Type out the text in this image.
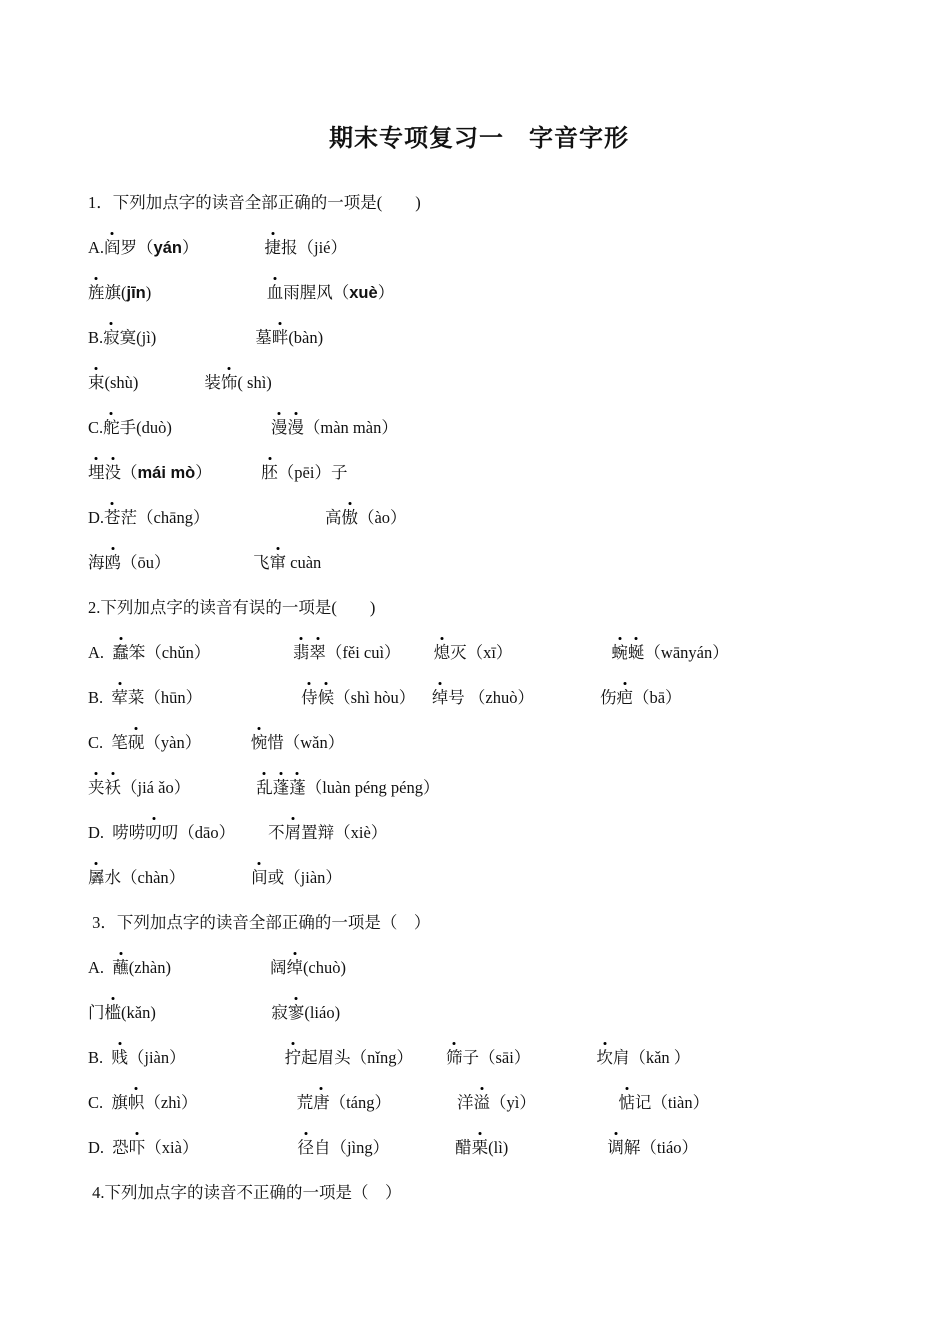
期末专项复习一　字音字形

1．下列加点字的读音全部正确的一项是(　　)

A.阎罗（yán）	捷报（jié）

旌旗(jīn)	血雨腥风（xuè）

B.寂寞(jì)	墓畔(bàn)

束(shù)	装饰( shì)

C.舵手(duò)	漫漫（màn màn）

埋没（mái mò）	胚（pēi）子

D.苍茫（chāng）	高傲（ào）

海鸥（ōu）	飞窜 cuàn

2.下列加点字的读音有误的一项是(　　)

A.  蠢笨（chǔn）	翡翠（fěi cuì） 熄灭（xī）	蜿蜒（wānyán）

B.  荤菜（hūn）	侍候（shì hòu） 绰号 （zhuò）	伤疤（bā）

C.  笔砚（yàn）	惋惜（wǎn）

夹袄（jiá ǎo）	乱蓬蓬（luàn péng péng）

D.  唠唠叨叨（dāo） 不屑置辩（xiè）

羼水（chàn）	间或（jiàn）

3．下列加点字的读音全部正确的一项是（　）

A.  蘸(zhàn)	阔绰(chuò)

门槛(kǎn)	寂寥(liáo)

B.  贱（jiàn）	拧起眉头（nǐng） 筛子（sāi）	坎肩（kǎn ）

C.  旗帜（zhì）	荒唐（táng）	洋溢（yì）	惦记（tiàn）

D.  恐吓（xià）	径自（jìng）	醋栗(lì)	调解（tiáo）

4.下列加点字的读音不正确的一项是（　）
